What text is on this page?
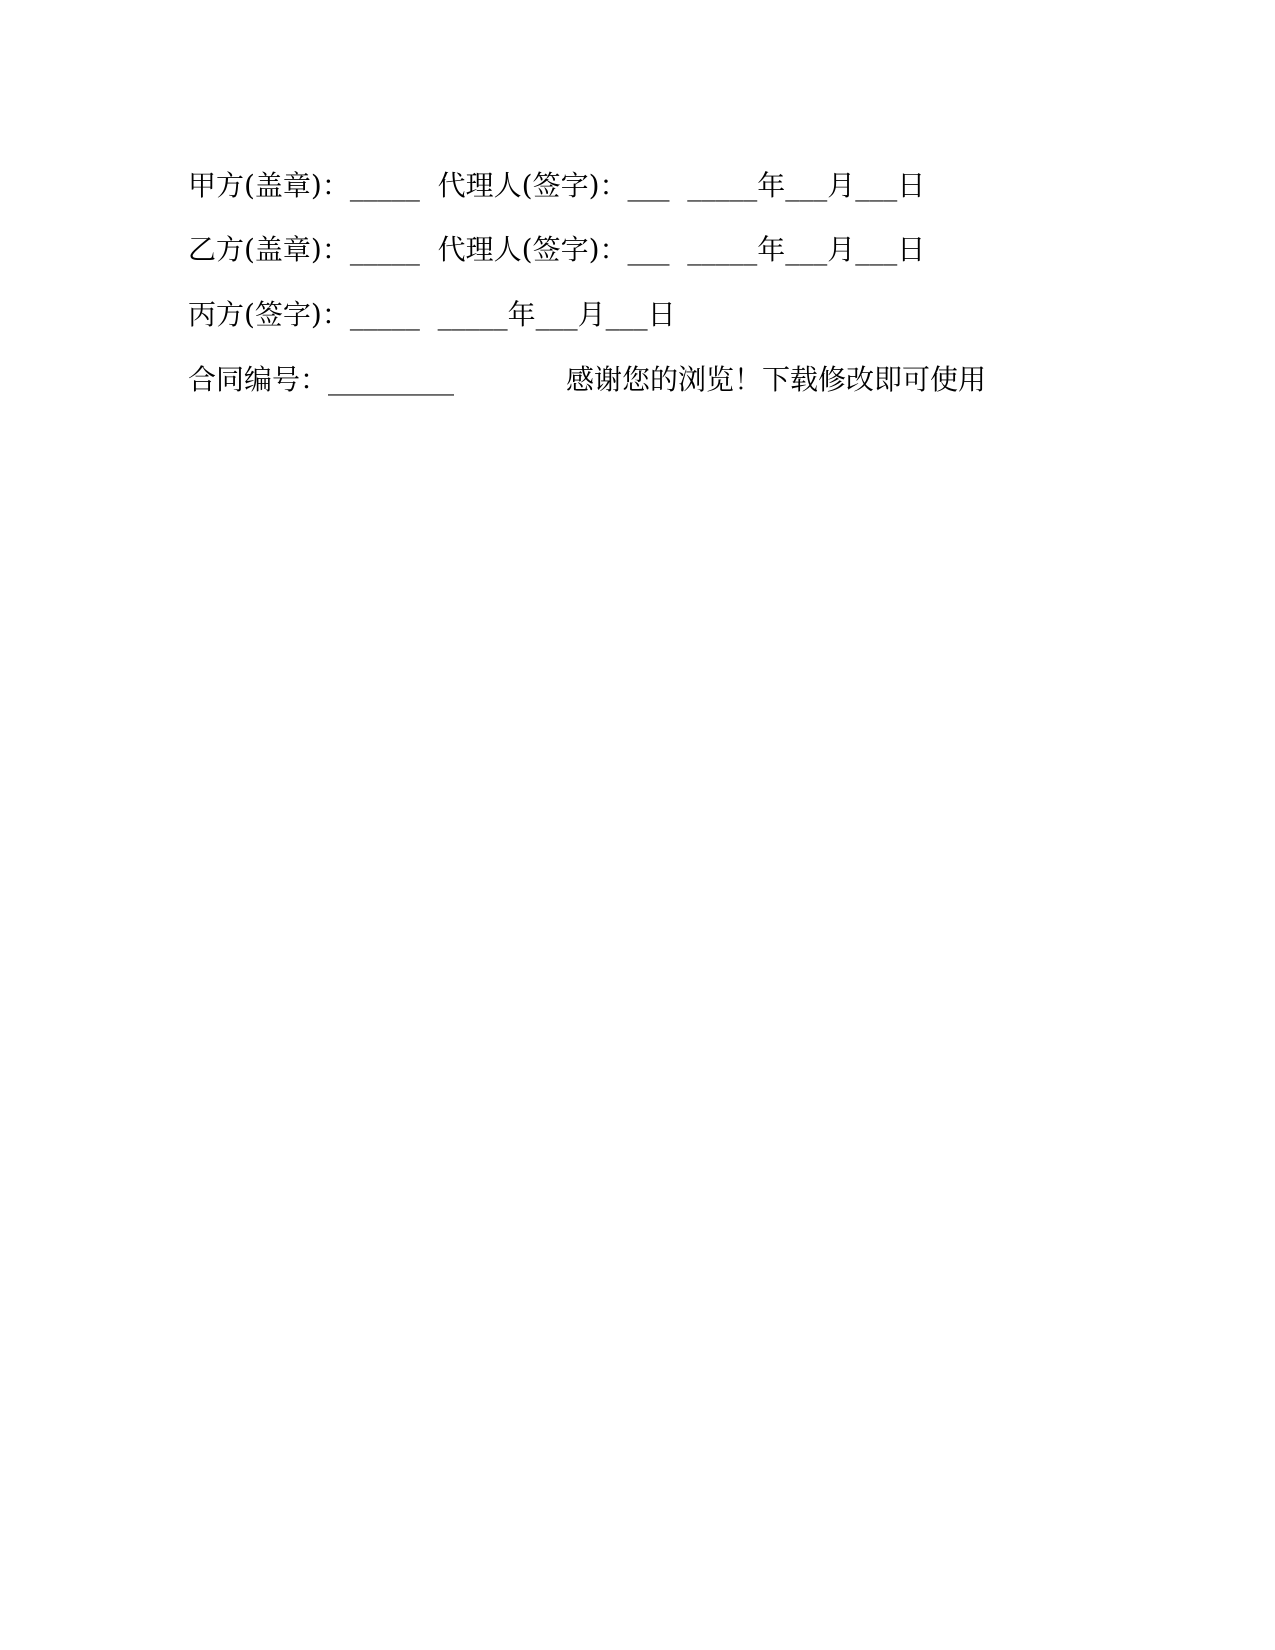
甲方(盖章)：_____  代理人(签字)：___  _____年___月___日
乙方(盖章)：_____  代理人(签字)：___  _____年___月___日
丙方(签字)：_____  _____年___月___日
合同编号：_________	感谢您的浏览！下载修改即可使用
